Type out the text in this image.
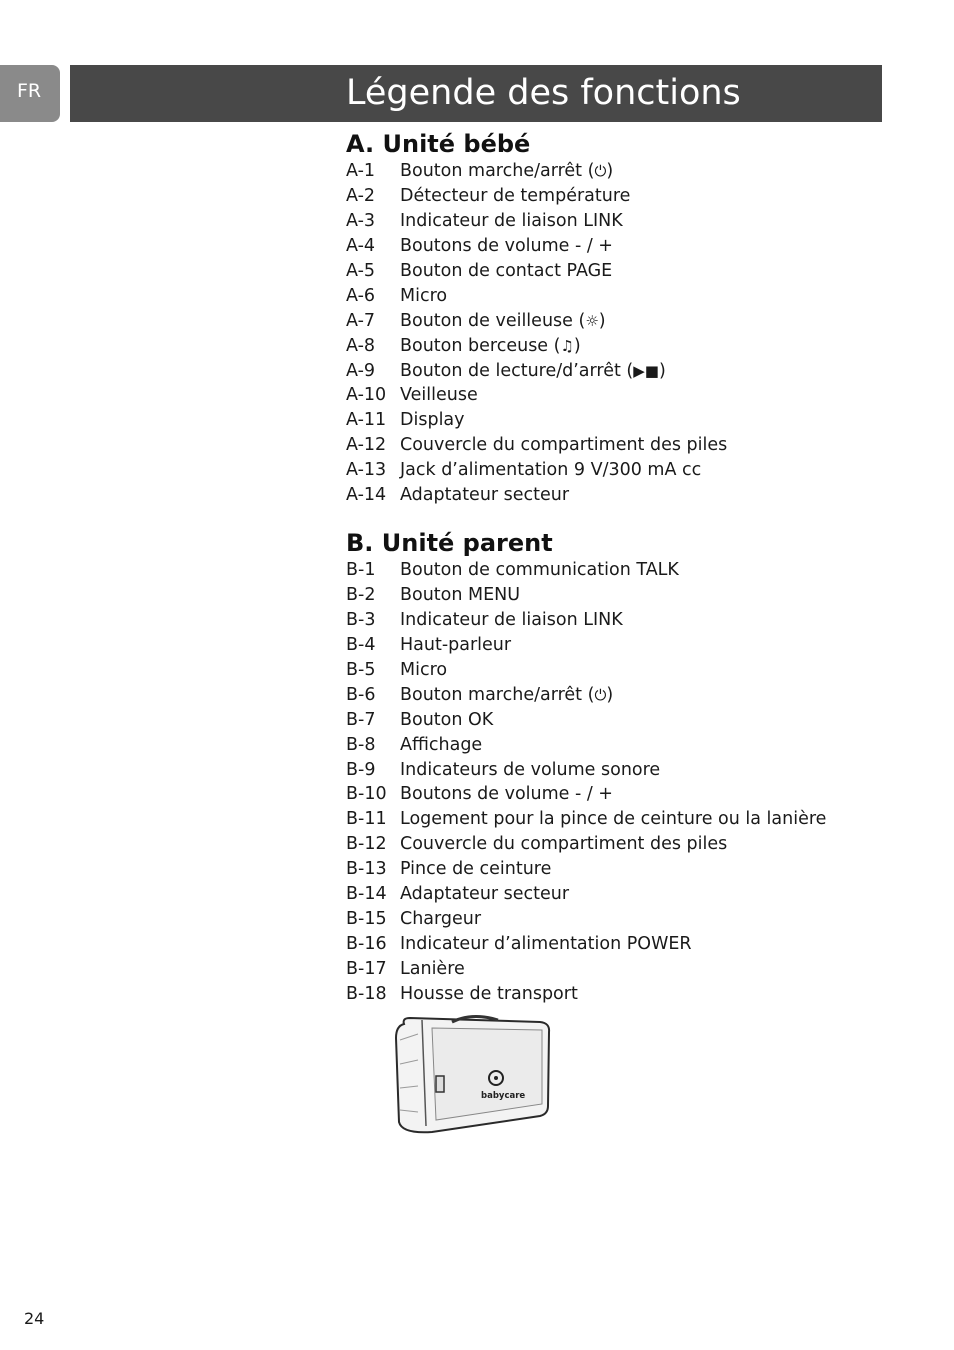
FR	Légende des fonctions
A. Unité bébé
A-1 Bouton marche/arrêt (⏻)
A-2 Détecteur de température
A-3 Indicateur de liaison LINK
A-4 Boutons de volume - / +
A-5 Bouton de contact PAGE
A-6 Micro
A-7 Bouton de veilleuse (☼)
A-8 Bouton berceuse (♫)
A-9 Bouton de lecture/d’arrêt (▶■)
A-10 Veilleuse
A-11 Display
A-12 Couvercle du compartiment des piles
A-13 Jack d’alimentation 9 V/300 mA cc
A-14 Adaptateur secteur
B. Unité parent
B-1 Bouton de communication TALK
B-2 Bouton MENU
B-3 Indicateur de liaison LINK
B-4 Haut-parleur
B-5 Micro
B-6 Bouton marche/arrêt (⏻)
B-7 Bouton OK
B-8 Affichage
B-9 Indicateurs de volume sonore
B-10 Boutons de volume - / +
B-11 Logement pour la pince de ceinture ou la lanière
B-12 Couvercle du compartiment des piles
B-13 Pince de ceinture
B-14 Adaptateur secteur
B-15 Chargeur
B-16 Indicateur d’alimentation POWER
B-17 Lanière
B-18 Housse de transport
babycare
24
